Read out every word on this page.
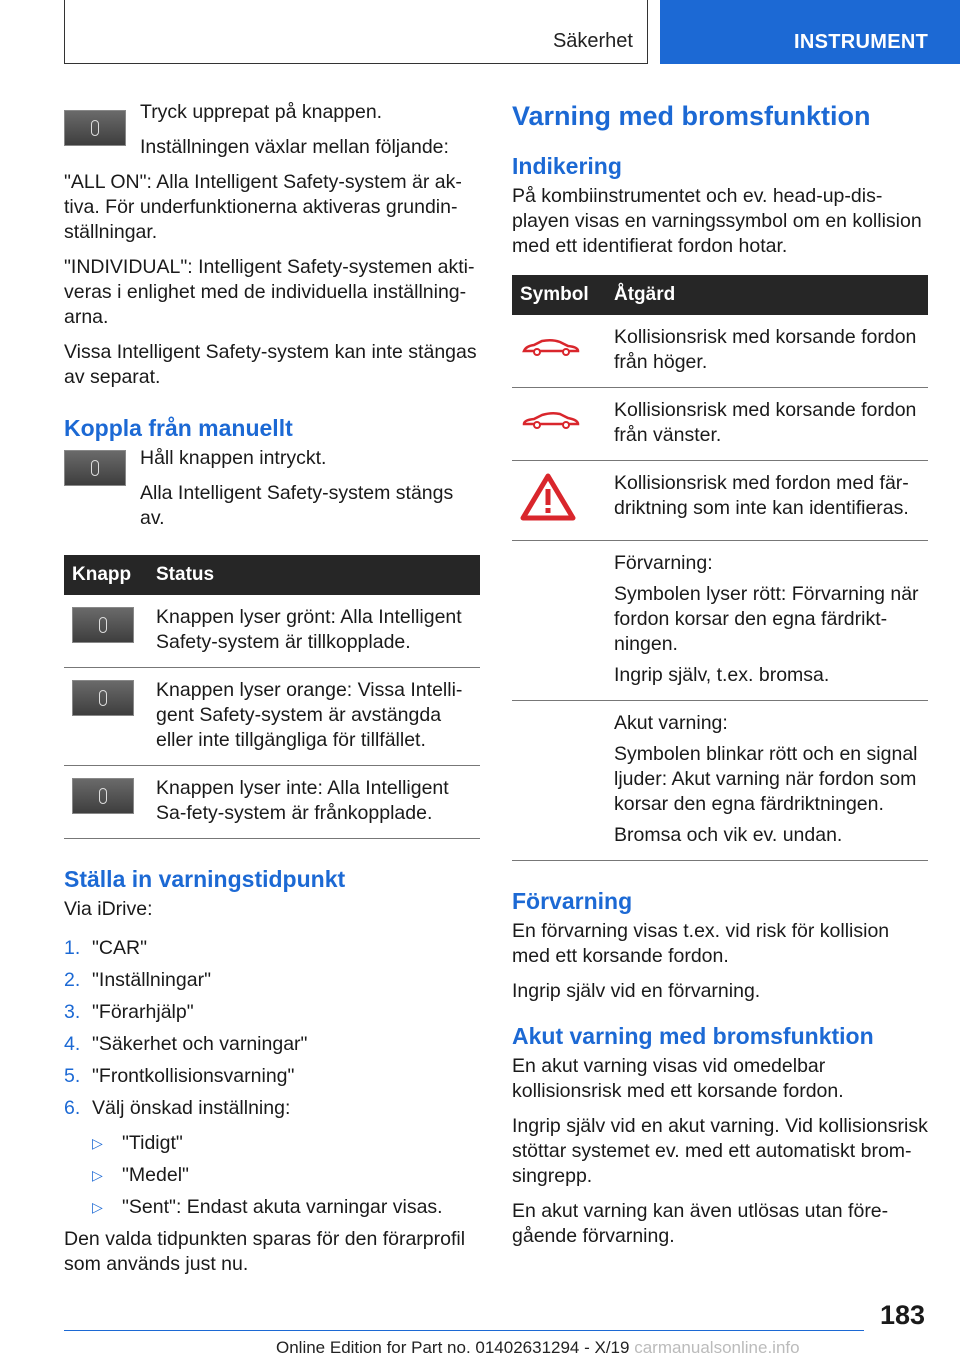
Säkerhet	INSTRUMENT

Tryck upprepat på knappen.

Inställningen växlar mellan följande:

"ALL ON": Alla Intelligent Safety-system är ak-tiva. För underfunktionerna aktiveras grundin-ställningar.

"INDIVIDUAL": Intelligent Safety-systemen akti-veras i enlighet med de individuella inställning-arna.

Vissa Intelligent Safety-system kan inte stängas av separat.

Koppla från manuellt

Håll knappen intryckt.

Alla Intelligent Safety-system stängs av.

Knapp	Status

	Knappen lyser grönt: Alla Intelligent Safety-system är tillkopplade.

	Knappen lyser orange: Vissa Intelli-gent Safety-system är avstängda eller inte tillgängliga för tillfället.

	Knappen lyser inte: Alla Intelligent Sa-fety-system är frånkopplade.
Ställa in varningstidpunkt

Via iDrive:

1. "CAR"
2. "Inställningar"
3. "Förarhjälp"
4. "Säkerhet och varningar"
5. "Frontkollisionsvarning"
6. Välj önskad inställning:
▷ "Tidigt"
▷ "Medel"
▷ "Sent": Endast akuta varningar visas.

Den valda tidpunkten sparas för den förarprofil som används just nu.

Varning med bromsfunktion
Indikering

På kombiinstrumentet och ev. head-up-dis-playen visas en varningssymbol om en kollision med ett identifierat fordon hotar.

Symbol	Åtgärd
	Kollisionsrisk med korsande fordon från höger.
	Kollisionsrisk med korsande fordon från vänster.
	Kollisionsrisk med fordon med fär-driktning som inte kan identifieras.

	Förvarning:

Symbolen lyser rött: Förvarning när fordon korsar den egna färdrikt-ningen.

Ingrip själv, t.ex. bromsa.

	Akut varning:

Symbolen blinkar rött och en signal ljuder: Akut varning när fordon som korsar den egna färdriktningen.

Bromsa och vik ev. undan.

Förvarning

En förvarning visas t.ex. vid risk för kollision med ett korsande fordon.

Ingrip själv vid en förvarning.

Akut varning med bromsfunktion

En akut varning visas vid omedelbar kollisionsrisk med ett korsande fordon.

Ingrip själv vid en akut varning. Vid kollisionsrisk stöttar systemet ev. med ett automatiskt brom-singrepp.

En akut varning kan även utlösas utan före-gående förvarning.

183
Online Edition for Part no. 01402631294 - X/19 carmanualsonline.info
